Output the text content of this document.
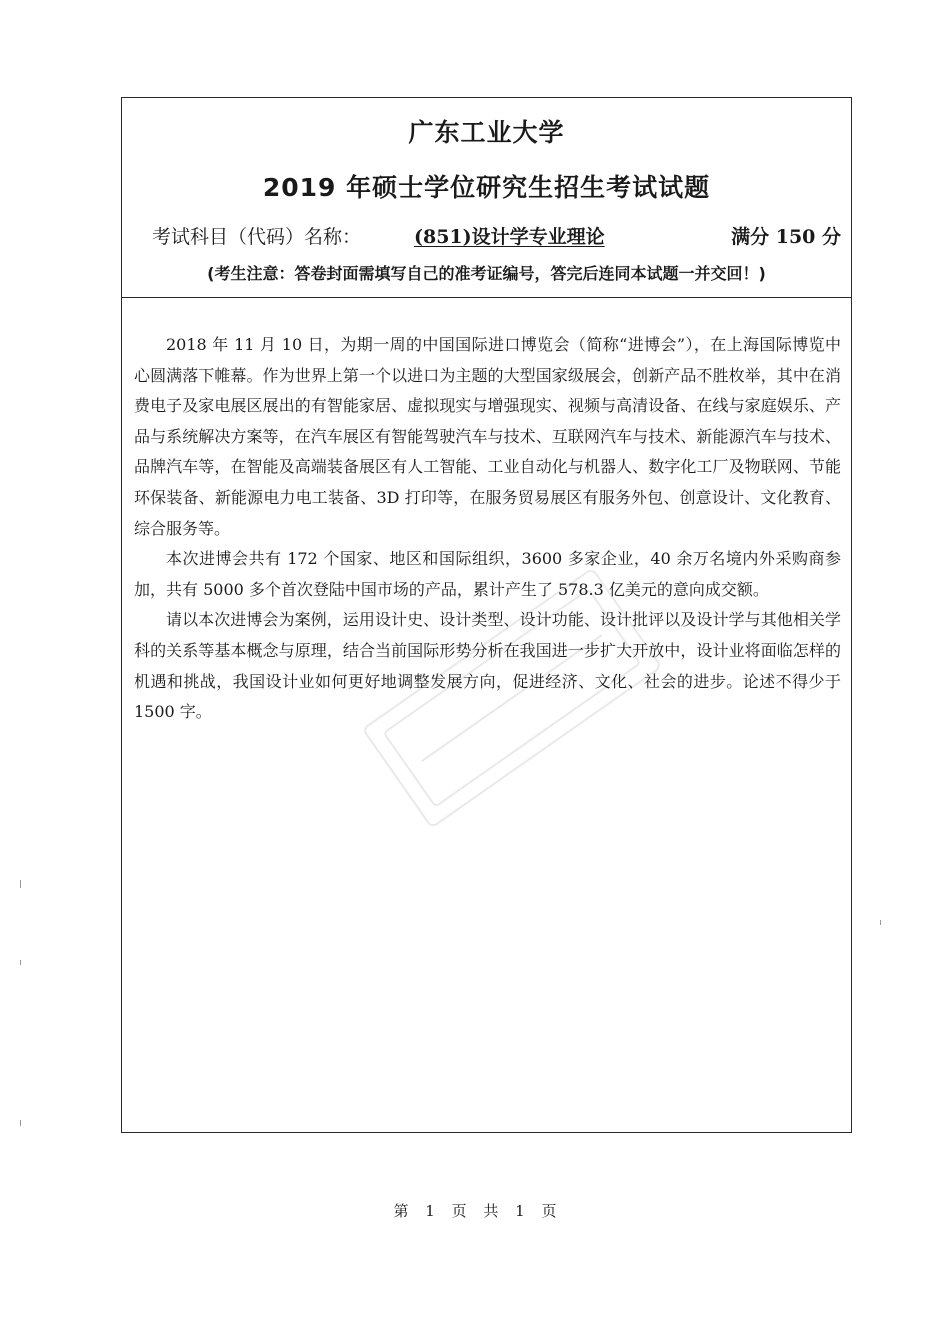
广东工业大学
2019 年硕士学位研究生招生考试试题
考试科目（代码）名称：	(851)设计学专业理论	满分 150 分
(考生注意：答卷封面需填写自己的准考证编号，答完后连同本试题一并交回！)

2018 年 11 月 10 日，为期一周的中国国际进口博览会（简称“进博会”），在上海国际博览中心圆满落下帷幕。作为世界上第一个以进口为主题的大型国家级展会，创新产品不胜枚举，其中在消费电子及家电展区展出的有智能家居、虚拟现实与增强现实、视频与高清设备、在线与家庭娱乐、产品与系统解决方案等，在汽车展区有智能驾驶汽车与技术、互联网汽车与技术、新能源汽车与技术、品牌汽车等，在智能及高端装备展区有人工智能、工业自动化与机器人、数字化工厂及物联网、节能环保装备、新能源电力电工装备、3D 打印等，在服务贸易展区有服务外包、创意设计、文化教育、综合服务等。

本次进博会共有 172 个国家、地区和国际组织，3600 多家企业，40 余万名境内外采购商参加，共有 5000 多个首次登陆中国市场的产品，累计产生了 578.3 亿美元的意向成交额。

请以本次进博会为案例，运用设计史、设计类型、设计功能、设计批评以及设计学与其他相关学科的关系等基本概念与原理，结合当前国际形势分析在我国进一步扩大开放中，设计业将面临怎样的机遇和挑战，我国设计业如何更好地调整发展方向，促进经济、文化、社会的进步。论述不得少于 1500 字。

第 1 页 共 1 页
